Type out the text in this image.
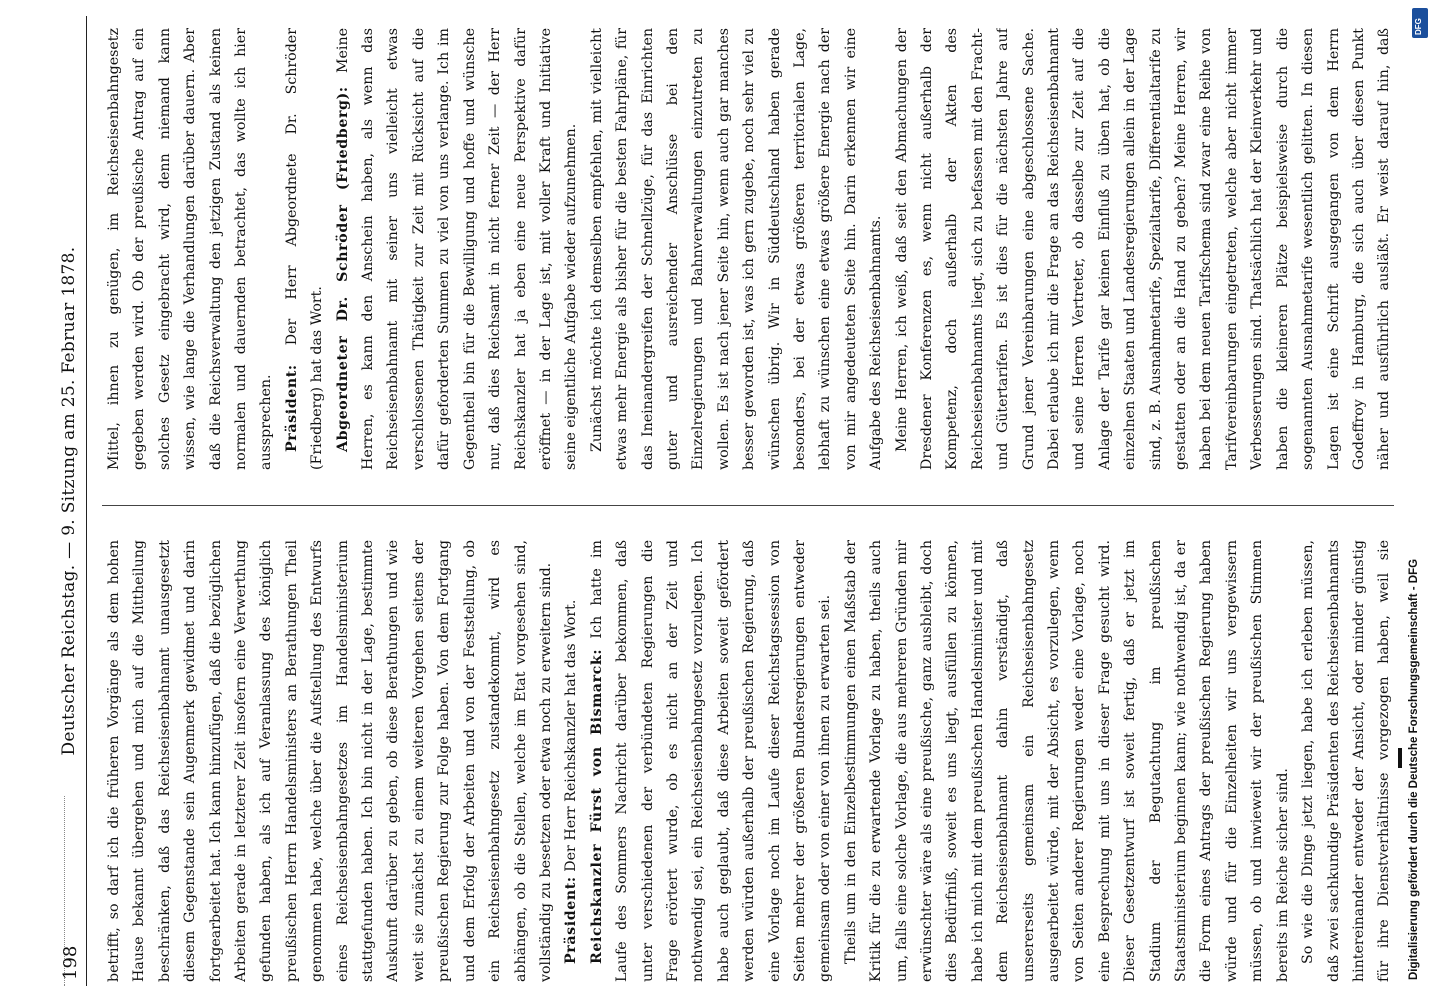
198
Deutscher Reichstag. — 9. Sitzung am 25. Februar 1878.

betrifft, so darf ich die früheren Vorgänge als dem hohen Hause bekannt übergehen und mich auf die Mittheilung beschränken, daß das Reichseisenbahnamt unausgesetzt diesem Gegenstande sein Augenmerk gewidmet und darin fortgearbeitet hat. Ich kann hinzufügen, daß die bezüglichen Arbeiten gerade in letzterer Zeit insofern eine Verwerthung gefunden haben, als ich auf Veranlassung des königlich preußischen Herrn Handelsministers an Berathungen Theil genommen habe, welche über die Aufstellung des Entwurfs eines Reichseisenbahngesetzes im Handelsministerium stattgefunden haben. Ich bin nicht in der Lage, bestimmte Auskunft darüber zu geben, ob diese Berathungen und wie weit sie zunächst zu einem weiteren Vorgehen seitens der preußischen Regierung zur Folge haben. Von dem Fortgang und dem Erfolg der Arbeiten und von der Feststellung, ob ein Reichseisenbahngesetz zustandekommt, wird es abhängen, ob die Stellen, welche im Etat vorgesehen sind, vollständig zu besetzen oder etwa noch zu erweitern sind. Präsident: Der Herr Reichskanzler hat das Wort. Reichskanzler Fürst von Bismarck: Ich hatte im Laufe des Sommers Nachricht darüber bekommen, daß unter verschiedenen der verbündeten Regierungen die Frage erörtert wurde, ob es nicht an der Zeit und nothwendig sei, ein Reichseisenbahngesetz vorzulegen. Ich habe auch geglaubt, daß diese Arbeiten soweit gefördert werden würden außerhalb der preußischen Regierung, daß eine Vorlage noch im Laufe dieser Reichstagssession von Seiten mehrer der größeren Bundesregierungen entweder gemeinsam oder von einer von ihnen zu erwarten sei. Theils um in den Einzelbestimmungen einen Maßstab der Kritik für die zu erwartende Vorlage zu haben, theils auch um, falls eine solche Vorlage, die aus mehreren Gründen mir erwünschter wäre als eine preußische, ganz ausbleibt, doch dies Bedürfniß, soweit es uns liegt, ausfüllen zu können, habe ich mich mit dem preußischen Handelsminister und mit dem Reichseisenbahnamt dahin verständigt, daß unsererseits gemeinsam ein Reichseisenbahngesetz ausgearbeitet würde, mit der Absicht, es vorzulegen, wenn von Seiten anderer Regierungen weder eine Vorlage, noch eine Besprechung mit uns in dieser Frage gesucht wird. Dieser Gesetzentwurf ist soweit fertig, daß er jetzt im Stadium der Begutachtung im preußischen Staatsministerium beginnen kann; wie nothwendig ist, da er die Form eines Antrags der preußischen Regierung haben würde und für die Einzelheiten wir uns vergewissern müssen, ob und inwieweit wir der preußischen Stimmen bereits im Reiche sicher sind. So wie die Dinge jetzt liegen, habe ich erleben müssen, daß zwei sachkundige Präsidenten des Reichseisenbahnamts hintereinander entweder der Ansicht, oder minder günstig für ihre Dienstverhältnisse vorgezogen haben, weil sie

Mittel, ihnen zu genügen, im Reichseisenbahngesetz gegeben werden wird. Ob der preußische Antrag auf ein solches Gesetz eingebracht wird, denn niemand kann wissen, wie lange die Verhandlungen darüber dauern. Aber daß die Reichsverwaltung den jetzigen Zustand als keinen normalen und dauernden betrachtet, das wollte ich hier aussprechen. Präsident: Der Herr Abgeordnete Dr. Schröder (Friedberg) hat das Wort. Abgeordneter Dr. Schröder (Friedberg): Meine Herren, es kann den Anschein haben, als wenn das Reichseisenbahnamt mit seiner uns vielleicht etwas verschlossenen Thätigkeit zur Zeit mit Rücksicht auf die dafür geforderten Summen zu viel von uns verlange. Ich im Gegentheil bin für die Bewilligung und hoffe und wünsche nur, daß dies Reichsamt in nicht ferner Zeit — der Herr Reichskanzler hat ja eben eine neue Perspektive dafür eröffnet — in der Lage ist, mit voller Kraft und Initiative seine eigentliche Aufgabe wieder aufzunehmen. Zunächst möchte ich demselben empfehlen, mit vielleicht etwas mehr Energie als bisher für die besten Fahrpläne, für das Ineinandergreifen der Schnellzüge, für das Einrichten guter und ausreichender Anschlüsse bei den Einzelregierungen und Bahnverwaltungen einzutreten zu wollen. Es ist nach jener Seite hin, wenn auch gar manches besser geworden ist, was ich gern zugebe, noch sehr viel zu wünschen übrig. Wir in Süddeutschland haben gerade besonders, bei der etwas größeren territorialen Lage, lebhaft zu wünschen eine etwas größere Energie nach der von mir angedeuteten Seite hin. Darin erkennen wir eine Aufgabe des Reichseisenbahnamts. Meine Herren, ich weiß, daß seit den Abmachungen der Dresdener Konferenzen es, wenn nicht außerhalb der Kompetenz, doch außerhalb der Akten des Reichseisenbahnamts liegt, sich zu befassen mit den Fracht- und Gütertarifen. Es ist dies für die nächsten Jahre auf Grund jener Vereinbarungen eine abgeschlossene Sache. Dabei erlaube ich mir die Frage an das Reichseisenbahnamt und seine Herren Vertreter, ob dasselbe zur Zeit auf die Anlage der Tarife gar keinen Einfluß zu üben hat, ob die einzelnen Staaten und Landesregierungen allein in der Lage sind, z. B. Ausnahmetarife, Spezialtarife, Differentialtarife zu gestatten oder an die Hand zu geben? Meine Herren, wir haben bei dem neuen Tarifschema sind zwar eine Reihe von Tarifvereinbarungen eingetreten, welche aber nicht immer Verbesserungen sind. Thatsächlich hat der Kleinverkehr und haben die kleineren Plätze beispielsweise durch die sogenannten Ausnahmetarife wesentlich gelitten. In diesen Lagen ist eine Schrift ausgegangen von dem Herrn Godeffroy in Hamburg, die sich auch über diesen Punkt näher und ausführlich ausläßt. Er weist darauf hin, daß

Digitalisierung gefördert durch die Deutsche Forschungsgemeinschaft - DFG
DFG
